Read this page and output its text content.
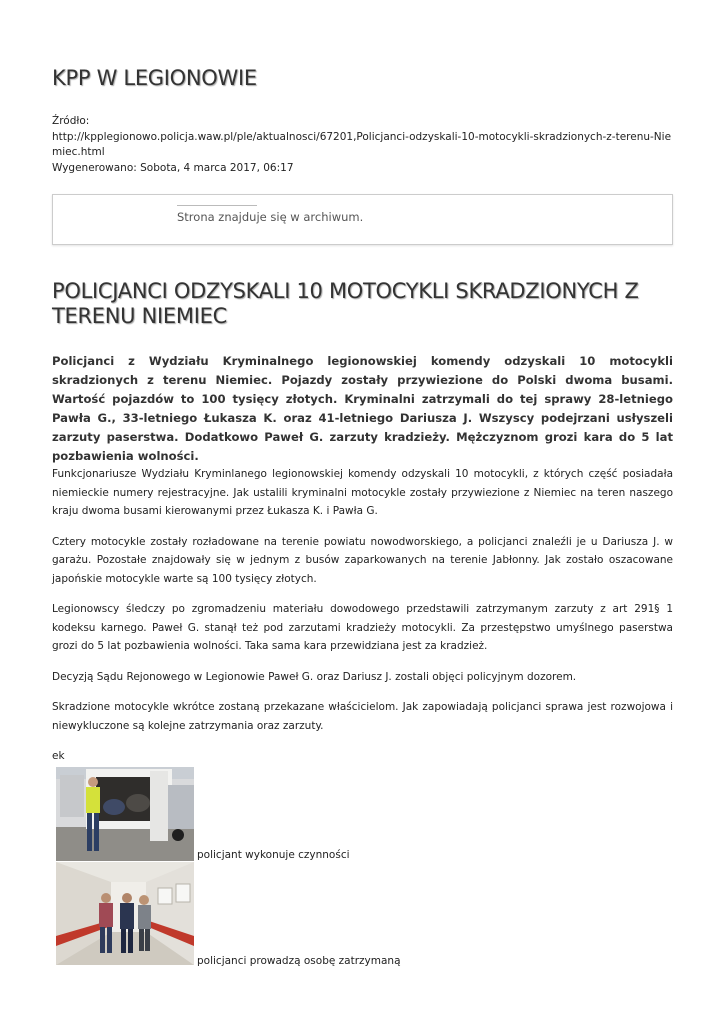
KPP W LEGIONOWIE
Źródło:
http://kpplegionowo.policja.waw.pl/ple/aktualnosci/67201,Policjanci-odzyskali-10-motocykli-skradzionych-z-terenu-Niemiec.html
Wygenerowano: Sobota, 4 marca 2017, 06:17
Strona znajduje się w archiwum.
POLICJANCI ODZYSKALI 10 MOTOCYKLI SKRADZIONYCH Z TERENU NIEMIEC

Policjanci z Wydziału Kryminalnego legionowskiej komendy odzyskali 10 motocykli skradzionych z terenu Niemiec. Pojazdy zostały przywiezione do Polski dwoma busami. Wartość pojazdów to 100 tysięcy złotych. Kryminalni zatrzymali do tej sprawy 28-letniego Pawła G., 33-letniego Łukasza K. oraz 41-letniego Dariusza J. Wszyscy podejrzani usłyszeli zarzuty paserstwa. Dodatkowo Paweł G. zarzuty kradzieży. Mężczyznom grozi kara do 5 lat pozbawienia wolności.

Funkcjonariusze Wydziału Kryminlanego legionowskiej komendy odzyskali 10 motocykli, z których część posiadała niemieckie numery rejestracyjne. Jak ustalili kryminalni motocykle zostały przywiezione z Niemiec na teren naszego kraju dwoma busami kierowanymi przez Łukasza K. i Pawła G.

Cztery motocykle zostały rozładowane na terenie powiatu nowodworskiego, a policjanci znaleźli je u Dariusza J. w garażu. Pozostałe znajdowały się w jednym z busów zaparkowanych na terenie Jabłonny. Jak zostało oszacowane japońskie motocykle warte są 100 tysięcy złotych.

Legionowscy śledczy po zgromadzeniu materiału dowodowego przedstawili zatrzymanym zarzuty z art 291§ 1 kodeksu karnego. Paweł G. stanął też pod zarzutami kradzieży motocykli. Za przestępstwo umyślnego paserstwa grozi do 5 lat pozbawienia wolności. Taka sama kara przewidziana jest za kradzież.

Decyzją Sądu Rejonowego w Legionowie Paweł G. oraz Dariusz J. zostali objęci policyjnym dozorem.

Skradzione motocykle wkrótce zostaną przekazane właścicielom. Jak zapowiadają policjanci sprawa jest rozwojowa i niewykluczone są kolejne zatrzymania oraz zarzuty.

ek

policjant wykonuje czynności
policjanci prowadzą osobę zatrzymaną
